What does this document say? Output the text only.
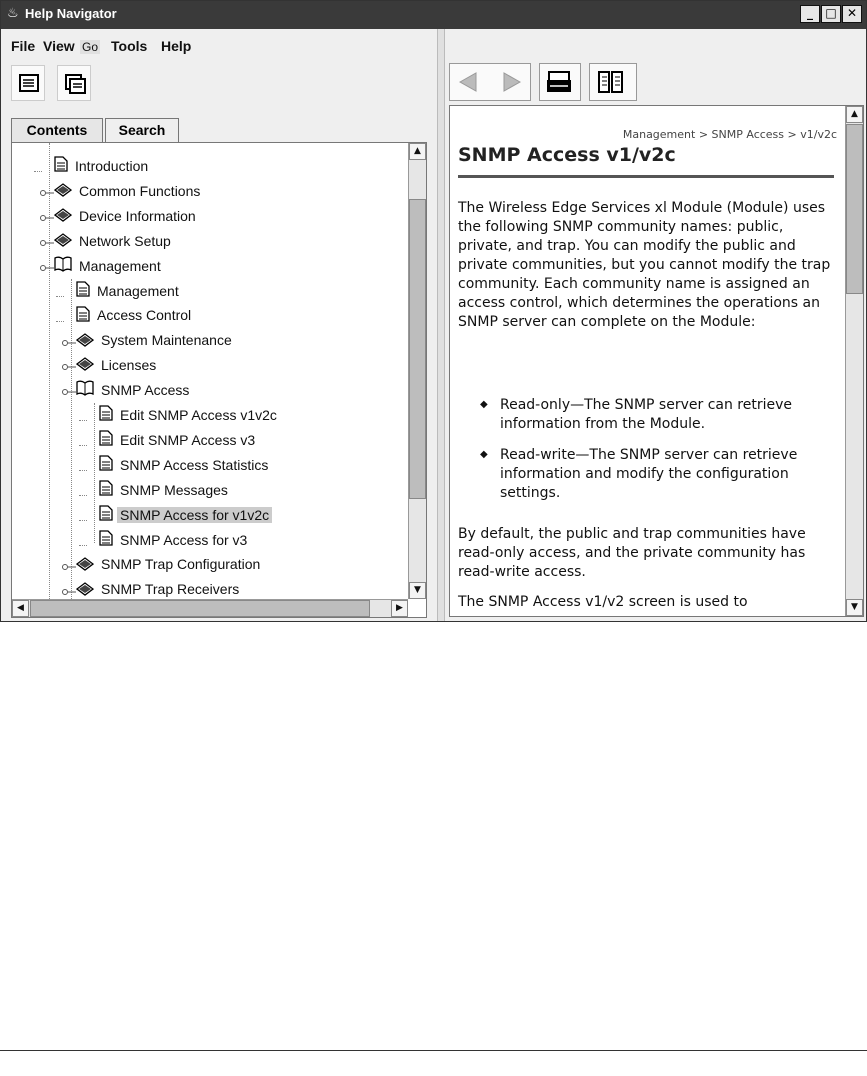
♨ Help Navigator	_	□ ✕
File View Go Tools Help
Contents	Search
Introduction
Common Functions
Device Information
Network Setup
Management
Management
Access Control
System Maintenance
Licenses
SNMP Access
Edit SNMP Access v1v2c
Edit SNMP Access v3
SNMP Access Statistics
SNMP Messages
SNMP Access for v1v2c
SNMP Access for v3
SNMP Trap Configuration
SNMP Trap Receivers
▲
▼
◀	▶
Management > SNMP Access > v1/v2c
SNMP Access v1/v2c
The Wireless Edge Services xl Module (Module) uses the following SNMP community names: public, private, and trap. You can modify the public and private communities, but you cannot modify the trap community. Each community name is assigned an access control, which determines the operations an SNMP server can complete on the Module:
◆ Read-only—The SNMP server can retrieve information from the Module.
◆ Read-write—The SNMP server can retrieve information and modify the configuration settings.
By default, the public and trap communities have read-only access, and the private community has read-write access.
The SNMP Access v1/v2 screen is used to
▲
▼
